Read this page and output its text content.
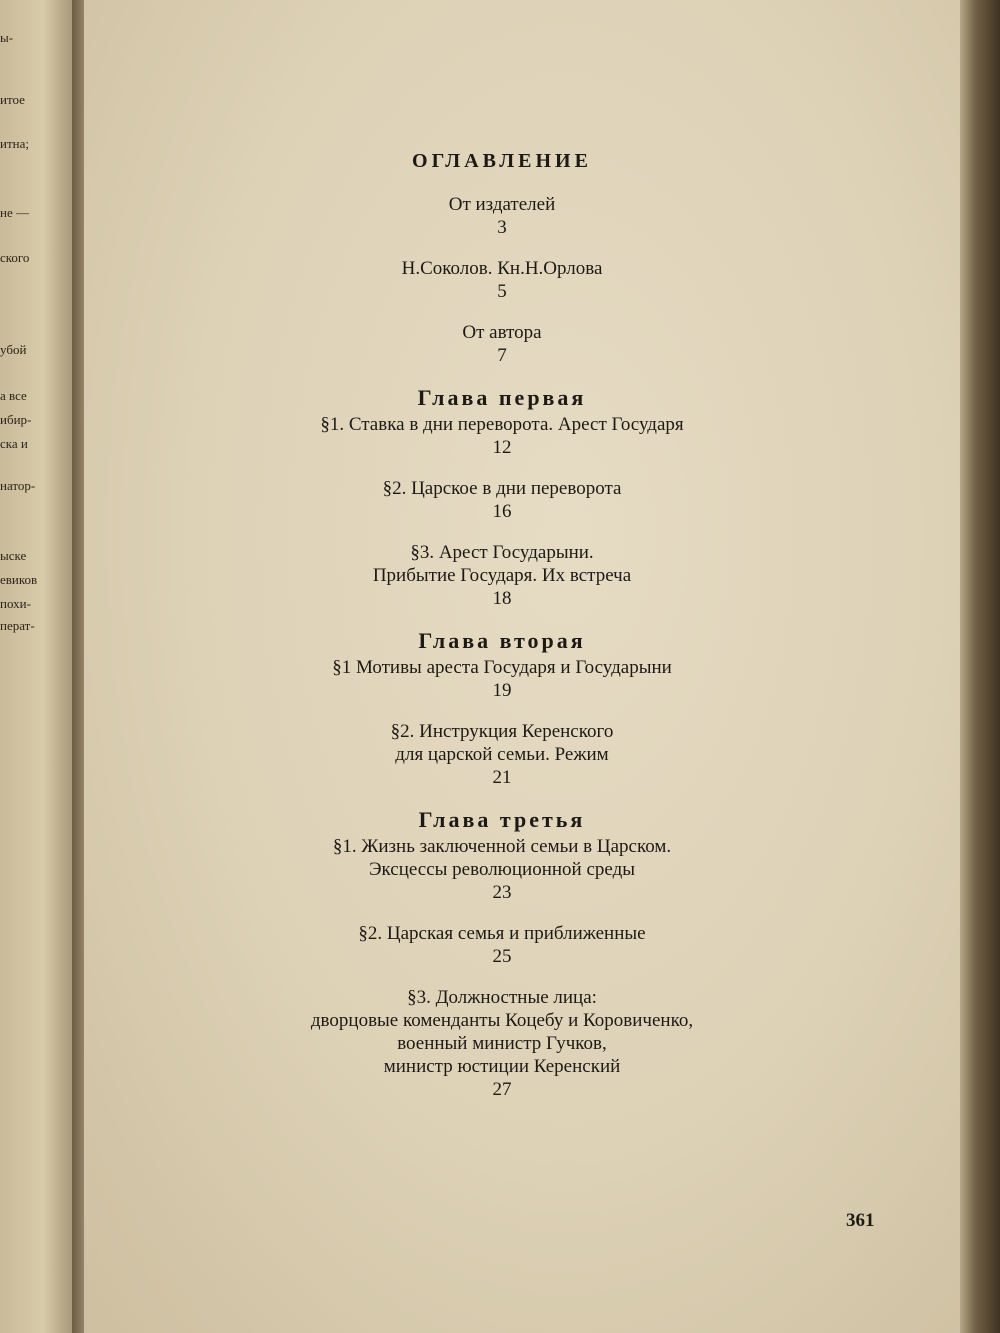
ы-
итое
итна;
не —
ского
убой
а все
ибир-
ска и
натор-
ыске
евиков
похи-
перат-
ОГЛАВЛЕНИЕ
От издателей
3
Н.Соколов. Кн.Н.Орлова
5
От автора
7
Глава первая
§1. Ставка в дни переворота. Арест Государя
12
§2. Царское в дни переворота
16
§3. Арест Государыни.
Прибытие Государя. Их встреча
18
Глава вторая
§1 Мотивы ареста Государя и Государыни
19
§2. Инструкция Керенского
для царской семьи. Режим
21
Глава третья
§1. Жизнь заключенной семьи в Царском.
Эксцессы революционной среды
23
§2. Царская семья и приближенные
25
§3. Должностные лица:
дворцовые коменданты Коцебу и Коровиченко,
военный министр Гучков,
министр юстиции Керенский
27
361
